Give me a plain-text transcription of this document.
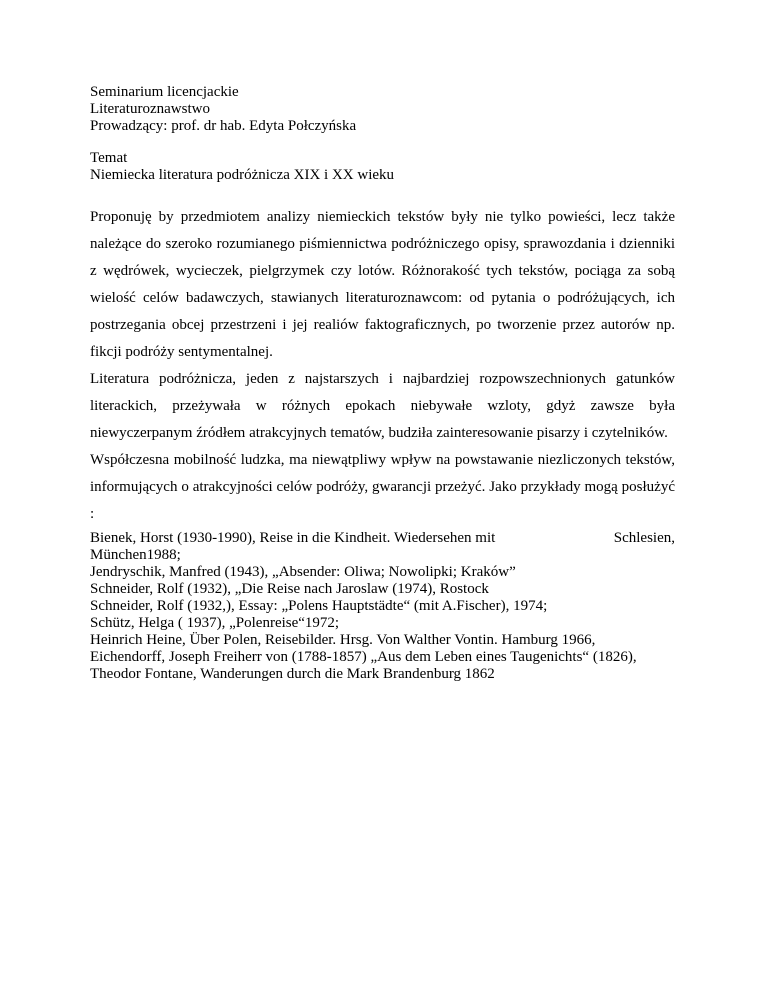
Seminarium licencjackie
Literaturoznawstwo
Prowadzący: prof. dr hab. Edyta Połczyńska
Temat
Niemiecka literatura podróżnicza XIX i XX wieku

Proponuję by przedmiotem analizy niemieckich tekstów były nie tylko powieści, lecz także należące do szeroko rozumianego piśmiennictwa podróżniczego opisy, sprawozdania i dzienniki z wędrówek, wycieczek, pielgrzymek czy lotów. Różnorakość tych tekstów, pociąga za sobą wielość celów badawczych, stawianych literaturoznawcom: od pytania o podróżujących, ich postrzegania obcej przestrzeni i jej realiów faktograficznych, po tworzenie przez autorów np. fikcji podróży sentymentalnej.

Literatura podróżnicza, jeden z najstarszych i najbardziej rozpowszechnionych gatunków literackich, przeżywała w różnych epokach niebywałe wzloty, gdyż zawsze była niewyczerpanym źródłem atrakcyjnych tematów, budziła zainteresowanie pisarzy i czytelników.

Współczesna mobilność ludzka, ma niewątpliwy wpływ na powstawanie niezliczonych tekstów, informujących o atrakcyjności celów podróży, gwarancji przeżyć. Jako przykłady mogą posłużyć :

Bienek, Horst (1930-1990), Reise in die Kindheit. Wiedersehen mit	Schlesien,
München1988;
Jendryschik, Manfred (1943), „Absender: Oliwa; Nowolipki; Kraków”
Schneider, Rolf (1932), „Die Reise nach Jaroslaw (1974), Rostock
Schneider, Rolf (1932,), Essay: „Polens Hauptstädte“ (mit A.Fischer), 1974;
Schütz, Helga ( 1937), „Polenreise“1972;
Heinrich Heine, Über Polen, Reisebilder. Hrsg. Von Walther Vontin. Hamburg 1966,
Eichendorff, Joseph Freiherr von (1788-1857) „Aus dem Leben eines Taugenichts“ (1826),
Theodor Fontane, Wanderungen durch die Mark Brandenburg 1862
